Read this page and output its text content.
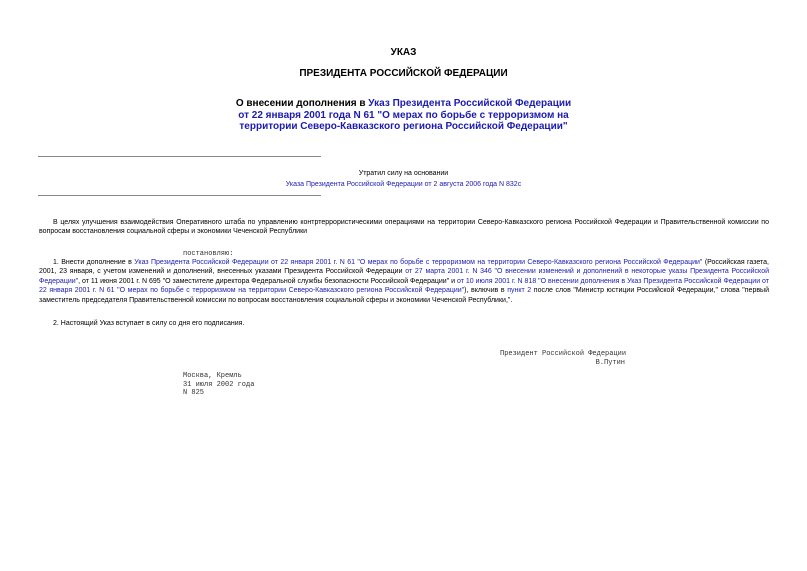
УКАЗ
ПРЕЗИДЕНТА РОССИЙСКОЙ ФЕДЕРАЦИИ
О внесении дополнения в Указ Президента Российской Федерации от 22 января 2001 года N 61 "О мерах по борьбе с терроризмом на территории Северо-Кавказского региона Российской Федерации"
Утратил силу на основании
Указа Президента Российской Федерации от 2 августа 2006 года N 832с
В целях улучшения взаимодействия Оперативного штаба по управлению контртеррористическими операциями на территории Северо-Кавказского региона Российской Федерации и Правительственной комиссии по вопросам восстановления социальной сферы и экономики Чеченской Республики
постановляю:
1. Внести дополнение в Указ Президента Российской Федерации от 22 января 2001 г. N 61 "О мерах по борьбе с терроризмом на территории Северо-Кавказского региона Российской Федерации" (Российская газета, 2001, 23 января, с учетом изменений и дополнений, внесенных указами Президента Российской Федерации от 27 марта 2001 г. N 346 "О внесении изменений и дополнений в некоторые указы Президента Российской Федерации", от 11 июня 2001 г. N 695 "О заместителе директора Федеральной службы безопасности Российской Федерации" и от 10 июля 2001 г. N 818 "О внесении дополнения в Указ Президента Российской Федерации от 22 января 2001 г. N 61 "О мерах по борьбе с терроризмом на территории Северо-Кавказского региона Российской Федерации"), включив в пункт 2 после слов "Министр юстиции Российской Федерации," слова "первый заместитель председателя Правительственной комиссии по вопросам восстановления социальной сферы и экономики Чеченской Республики,".
2. Настоящий Указ вступает в силу со дня его подписания.
Президент Российской Федерации
В.Путин
Москва, Кремль
31 июля 2002 года
N 825
